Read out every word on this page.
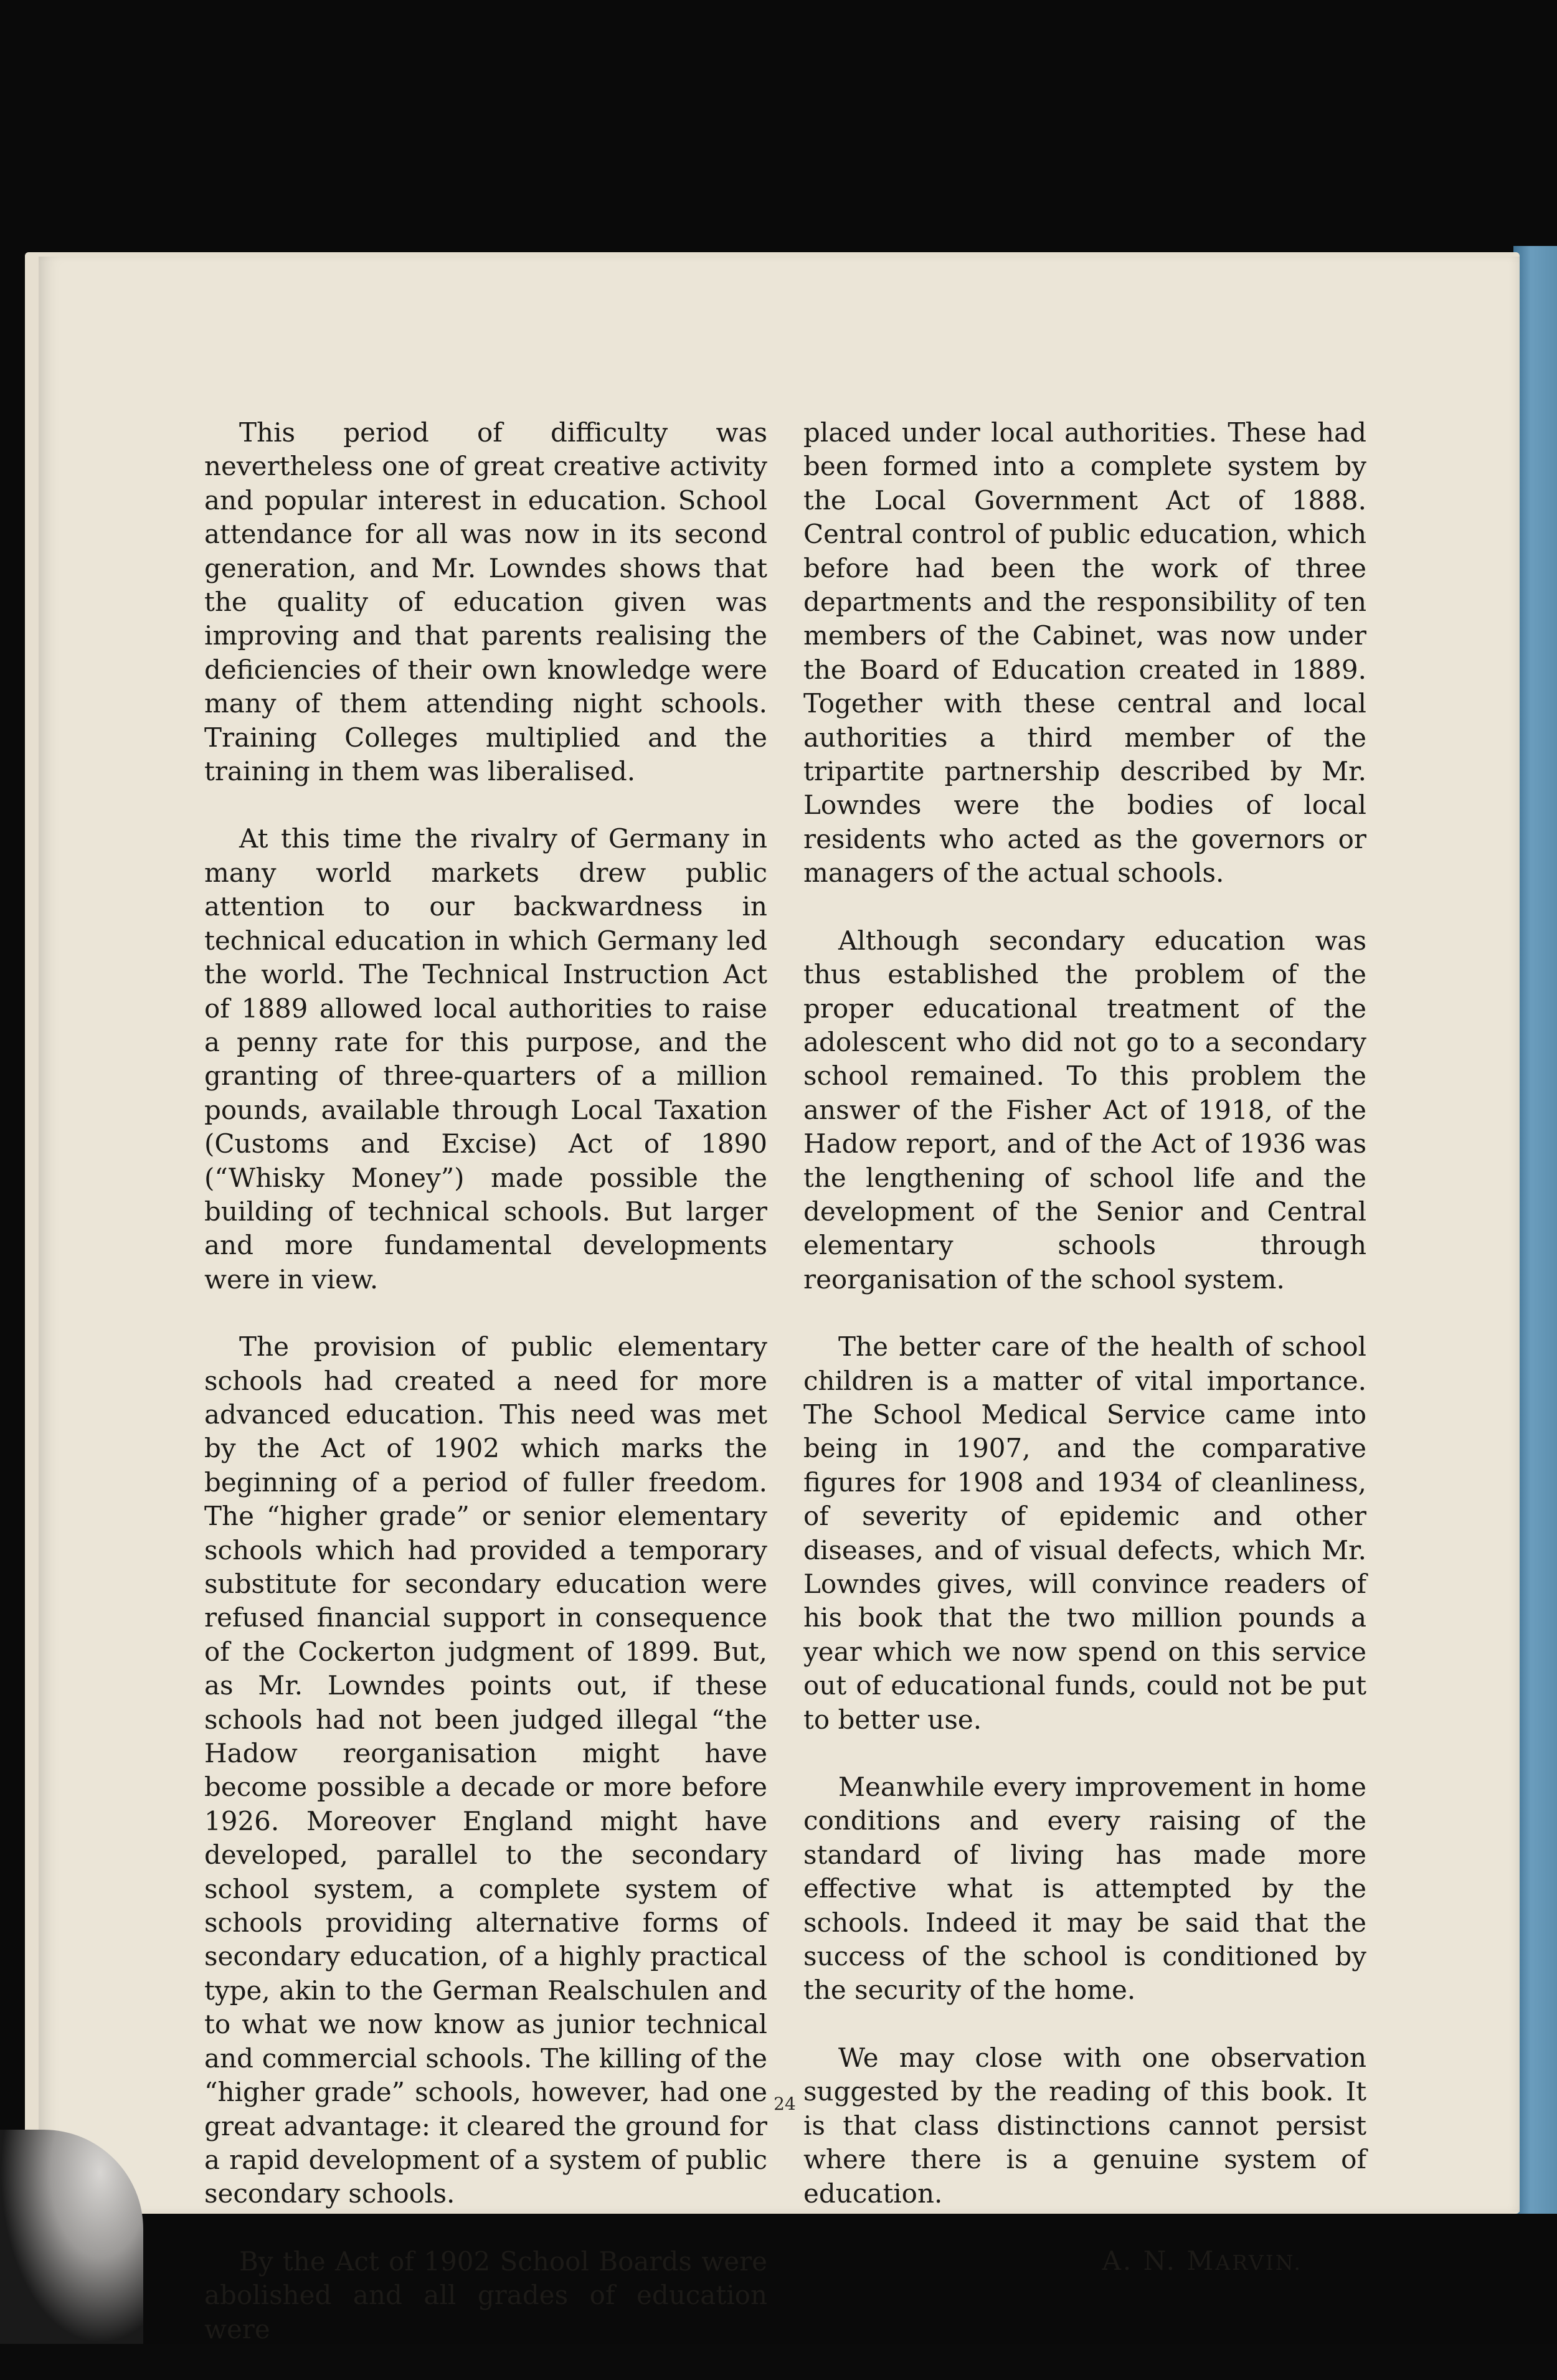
This period of difficulty was nevertheless one of great creative activity and popular interest in education. School attendance for all was now in its second generation, and Mr. Lowndes shows that the quality of education given was improving and that parents realising the deficiencies of their own knowledge were many of them attending night schools. Training Colleges multiplied and the training in them was liberalised.

At this time the rivalry of Germany in many world markets drew public attention to our backwardness in technical education in which Germany led the world. The Technical Instruction Act of 1889 allowed local authorities to raise a penny rate for this purpose, and the granting of three-quarters of a million pounds, available through Local Taxation (Customs and Excise) Act of 1890 (“Whisky Money”) made possible the building of technical schools. But larger and more fundamental developments were in view.

The provision of public elementary schools had created a need for more advanced education. This need was met by the Act of 1902 which marks the beginning of a period of fuller freedom. The “higher grade” or senior elementary schools which had provided a temporary substitute for secondary education were refused financial support in consequence of the Cockerton judgment of 1899. But, as Mr. Lowndes points out, if these schools had not been judged illegal “the Hadow reorganisation might have become possible a decade or more before 1926. Moreover England might have developed, parallel to the secondary school system, a complete system of schools providing alternative forms of secondary education, of a highly practical type, akin to the German Realschulen and to what we now know as junior technical and commercial schools. The killing of the “higher grade” schools, however, had one great advantage: it cleared the ground for a rapid development of a system of public secondary schools.

By the Act of 1902 School Boards were abolished and all grades of education were

placed under local authorities. These had been formed into a complete system by the Local Government Act of 1888. Central control of public education, which before had been the work of three departments and the responsibility of ten members of the Cabinet, was now under the Board of Education created in 1889. Together with these central and local authorities a third member of the tripartite partnership described by Mr. Lowndes were the bodies of local residents who acted as the governors or managers of the actual schools.

Although secondary education was thus established the problem of the proper educational treatment of the adolescent who did not go to a secondary school remained. To this problem the answer of the Fisher Act of 1918, of the Hadow report, and of the Act of 1936 was the lengthening of school life and the development of the Senior and Central elementary schools through reorganisation of the school system.

The better care of the health of school children is a matter of vital importance. The School Medical Service came into being in 1907, and the comparative figures for 1908 and 1934 of cleanliness, of severity of epidemic and other diseases, and of visual defects, which Mr. Lowndes gives, will convince readers of his book that the two million pounds a year which we now spend on this service out of educational funds, could not be put to better use.

Meanwhile every improvement in home conditions and every raising of the standard of living has made more effective what is attempted by the schools. Indeed it may be said that the success of the school is conditioned by the security of the home.

We may close with one observation suggested by the reading of this book. It is that class distinctions cannot persist where there is a genuine system of education.

A. N. MARVIN.
24
